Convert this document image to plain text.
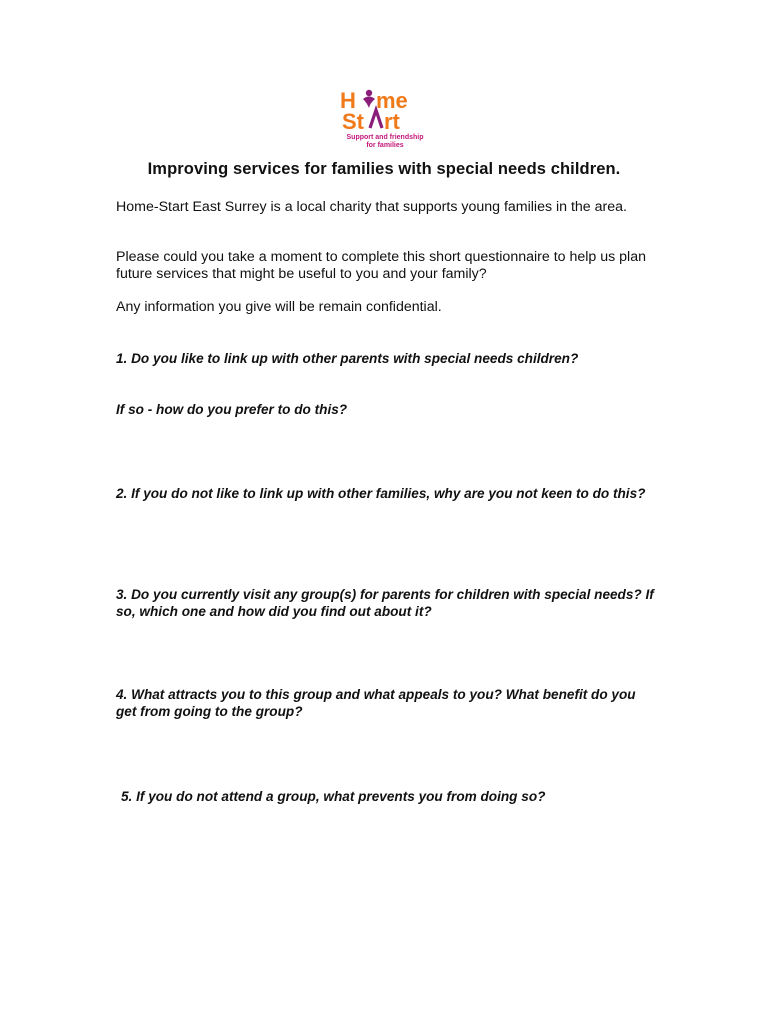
H me
St rt
Support and friendship
for families
Improving services for families with special needs children.
Home-Start East Surrey is a local charity that supports young families in the area.
Please could you take a moment to complete this short questionnaire to help us plan future services that might be useful to you and your family?
Any information you give will be remain confidential.
1. Do you like to link up with other parents with special needs children?
If so - how do you prefer to do this?
2. If you do not like to link up with other families, why are you not keen to do this?
3. Do you currently visit any group(s) for parents for children with special needs? If so, which one and how did you find out about it?
4. What attracts you to this group and what appeals to you? What benefit do you get from going to the group?
5. If you do not attend a group, what prevents you from doing so?
